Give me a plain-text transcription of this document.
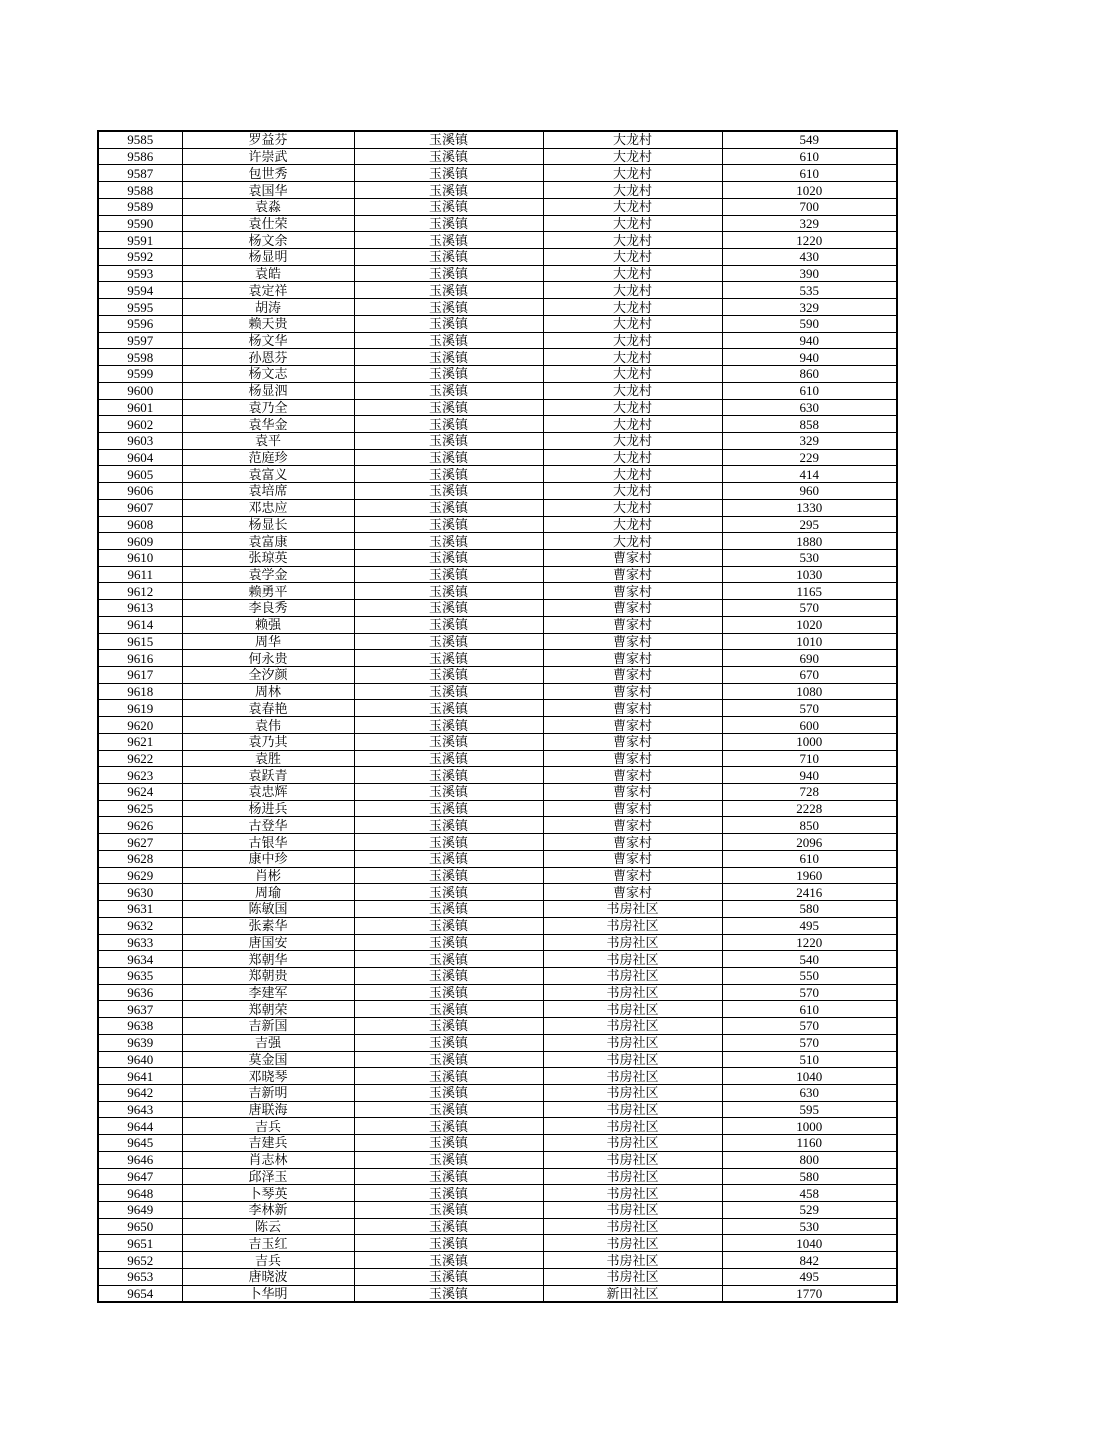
9585	罗益芬	玉溪镇	大龙村	549
9586	许崇武	玉溪镇	大龙村	610
9587	包世秀	玉溪镇	大龙村	610
9588	袁国华	玉溪镇	大龙村	1020
9589	袁淼	玉溪镇	大龙村	700
9590	袁仕荣	玉溪镇	大龙村	329
9591	杨文余	玉溪镇	大龙村	1220
9592	杨显明	玉溪镇	大龙村	430
9593	袁皓	玉溪镇	大龙村	390
9594	袁定祥	玉溪镇	大龙村	535
9595	胡涛	玉溪镇	大龙村	329
9596	赖天贵	玉溪镇	大龙村	590
9597	杨文华	玉溪镇	大龙村	940
9598	孙恩芬	玉溪镇	大龙村	940
9599	杨文志	玉溪镇	大龙村	860
9600	杨显泗	玉溪镇	大龙村	610
9601	袁乃全	玉溪镇	大龙村	630
9602	袁华金	玉溪镇	大龙村	858
9603	袁平	玉溪镇	大龙村	329
9604	范庭珍	玉溪镇	大龙村	229
9605	袁富义	玉溪镇	大龙村	414
9606	袁培席	玉溪镇	大龙村	960
9607	邓忠应	玉溪镇	大龙村	1330
9608	杨显长	玉溪镇	大龙村	295
9609	袁富康	玉溪镇	大龙村	1880
9610	张琼英	玉溪镇	曹家村	530
9611	袁学金	玉溪镇	曹家村	1030
9612	赖勇平	玉溪镇	曹家村	1165
9613	李良秀	玉溪镇	曹家村	570
9614	赖强	玉溪镇	曹家村	1020
9615	周华	玉溪镇	曹家村	1010
9616	何永贵	玉溪镇	曹家村	690
9617	全汐颜	玉溪镇	曹家村	670
9618	周林	玉溪镇	曹家村	1080
9619	袁春艳	玉溪镇	曹家村	570
9620	袁伟	玉溪镇	曹家村	600
9621	袁乃其	玉溪镇	曹家村	1000
9622	袁胜	玉溪镇	曹家村	710
9623	袁跃青	玉溪镇	曹家村	940
9624	袁忠辉	玉溪镇	曹家村	728
9625	杨进兵	玉溪镇	曹家村	2228
9626	古登华	玉溪镇	曹家村	850
9627	古银华	玉溪镇	曹家村	2096
9628	康中珍	玉溪镇	曹家村	610
9629	肖彬	玉溪镇	曹家村	1960
9630	周瑜	玉溪镇	曹家村	2416
9631	陈敏国	玉溪镇	书房社区	580
9632	张素华	玉溪镇	书房社区	495
9633	唐国安	玉溪镇	书房社区	1220
9634	郑朝华	玉溪镇	书房社区	540
9635	郑朝贵	玉溪镇	书房社区	550
9636	李建军	玉溪镇	书房社区	570
9637	郑朝荣	玉溪镇	书房社区	610
9638	吉新国	玉溪镇	书房社区	570
9639	吉强	玉溪镇	书房社区	570
9640	莫金国	玉溪镇	书房社区	510
9641	邓晓琴	玉溪镇	书房社区	1040
9642	吉新明	玉溪镇	书房社区	630
9643	唐联海	玉溪镇	书房社区	595
9644	吉兵	玉溪镇	书房社区	1000
9645	吉建兵	玉溪镇	书房社区	1160
9646	肖志林	玉溪镇	书房社区	800
9647	邱泽玉	玉溪镇	书房社区	580
9648	卜琴英	玉溪镇	书房社区	458
9649	李林新	玉溪镇	书房社区	529
9650	陈云	玉溪镇	书房社区	530
9651	吉玉红	玉溪镇	书房社区	1040
9652	吉兵	玉溪镇	书房社区	842
9653	唐晓波	玉溪镇	书房社区	495
9654	卜华明	玉溪镇	新田社区	1770
